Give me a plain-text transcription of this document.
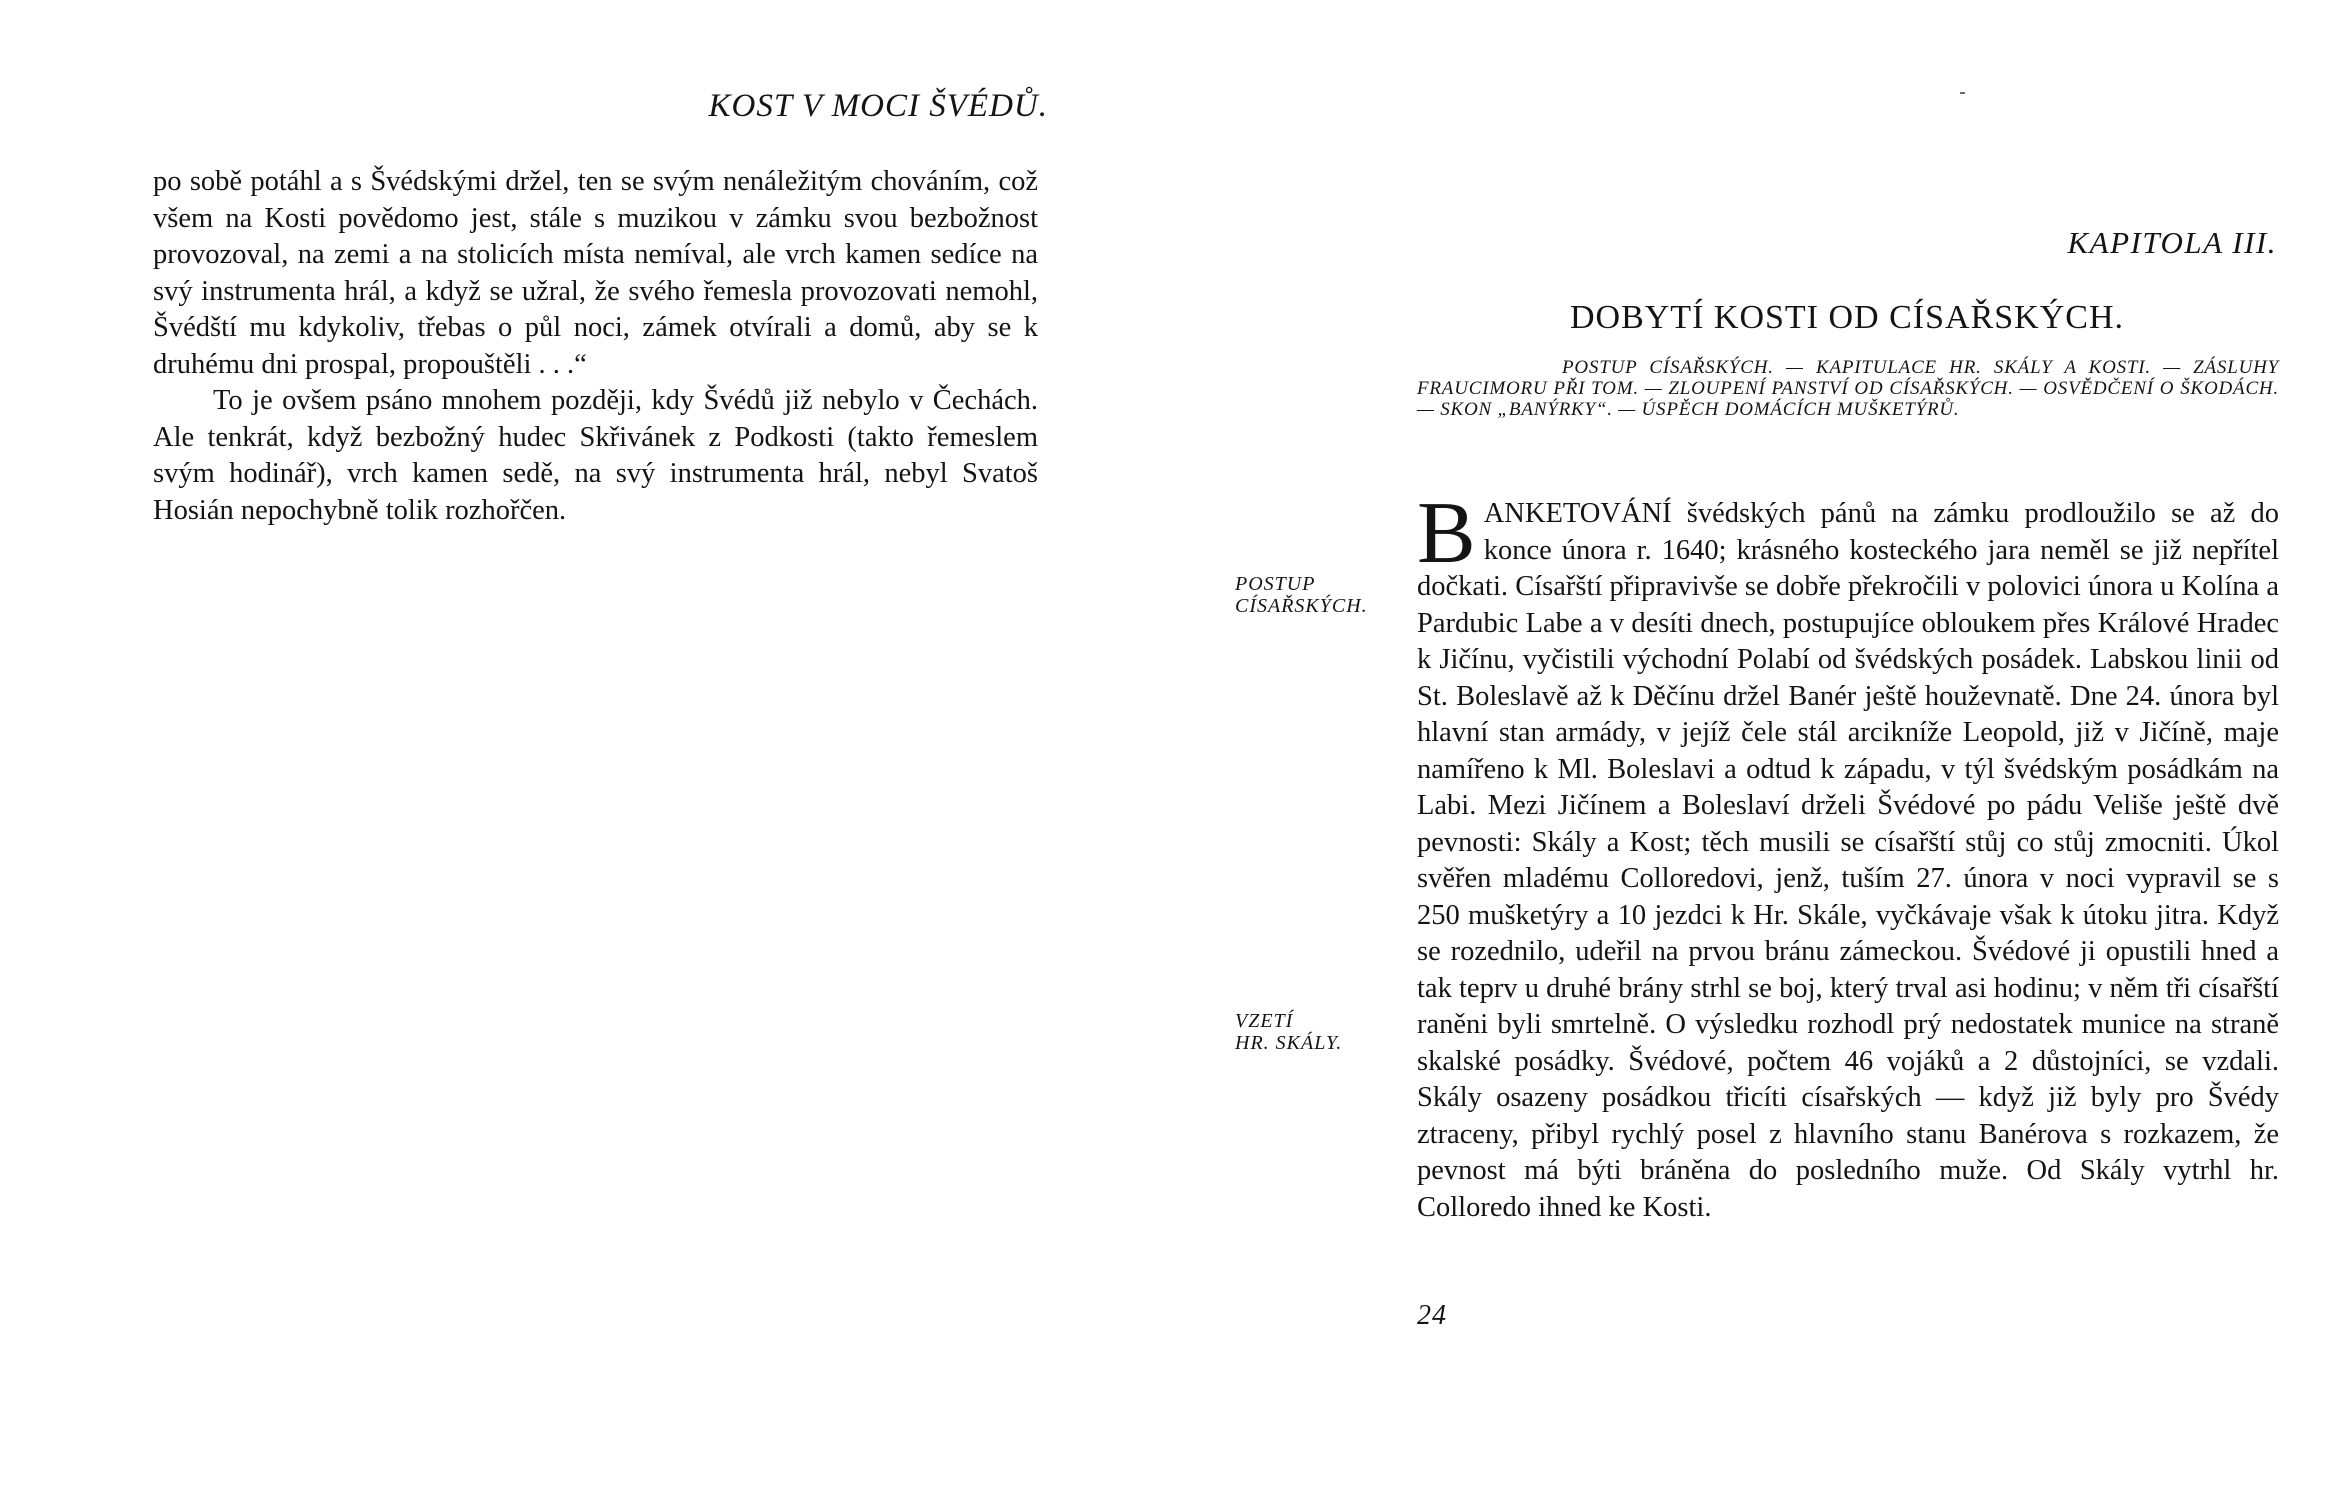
KOST V MOCI ŠVÉDŮ.

po sobě potáhl a s Švédskými držel, ten se svým nenáležitým chováním, což všem na Kosti povědomo jest, stále s muzikou v zámku svou bezbožnost provozoval, na zemi a na stolicích místa nemíval, ale vrch kamen sedíce na svý instrumenta hrál, a když se užral, že svého řemesla provozovati nemohl, Švédští mu kdykoliv, třebas o půl noci, zámek otvírali a domů, aby se k druhému dni prospal, propouštěli . . .“

To je ovšem psáno mnohem později, kdy Švédů již nebylo v Čechách. Ale tenkrát, když bezbožný hudec Skřivánek z Podkosti (takto řemeslem svým hodinář), vrch kamen sedě, na svý instrumenta hrál, nebyl Svatoš Hosián nepochybně tolik rozhořčen.

KAPITOLA III.
DOBYTÍ KOSTI OD CÍSAŘSKÝCH.

POSTUP CÍSAŘSKÝCH. — KAPITULACE HR. SKÁLY A KOSTI. — ZÁSLUHY FRAUCIMORU PŘI TOM. — ZLOUPENÍ PANSTVÍ OD CÍSAŘSKÝCH. — OSVĚDČENÍ O ŠKODÁCH. — SKON „BANÝRKY“. — ÚSPĚCH DOMÁCÍCH MUŠKETÝRŮ.

POSTUP
CÍSAŘSKÝCH.
VZETÍ
HR. SKÁLY.

BANKETOVÁNÍ švédských pánů na zámku prodloužilo se až do konce února r. 1640; krásného kosteckého jara neměl se již nepřítel dočkati. Císařští připravivše se dobře překročili v polovici února u Kolína a Pardubic Labe a v desíti dnech, postupujíce obloukem přes Králové Hradec k Jičínu, vyčistili východní Polabí od švédských posádek. Labskou linii od St. Boleslavě až k Děčínu držel Banér ještě houževnatě. Dne 24. února byl hlavní stan armády, v jejíž čele stál arcikníže Leopold, již v Jičíně, maje namířeno k Ml. Boleslavi a odtud k západu, v týl švédským posádkám na Labi. Mezi Jičínem a Boleslaví drželi Švédové po pádu Veliše ještě dvě pevnosti: Skály a Kost; těch musili se císařští stůj co stůj zmocniti. Úkol svěřen mladému Colloredovi, jenž, tuším 27. února v noci vypravil se s 250 mušketýry a 10 jezdci k Hr. Skále, vyčkávaje však k útoku jitra. Když se rozednilo, udeřil na prvou bránu zámeckou. Švédové ji opustili hned a tak teprv u druhé brány strhl se boj, který trval asi hodinu; v něm tři císařští raněni byli smrtelně. O výsledku rozhodl prý nedostatek munice na straně skalské posádky. Švédové, počtem 46 vojáků a 2 důstojníci, se vzdali. Skály osazeny posádkou třicíti císařských — když již byly pro Švédy ztraceny, přibyl rychlý posel z hlavního stanu Banérova s rozkazem, že pevnost má býti bráněna do posledního muže. Od Skály vytrhl hr. Colloredo ihned ke Kosti.

24
